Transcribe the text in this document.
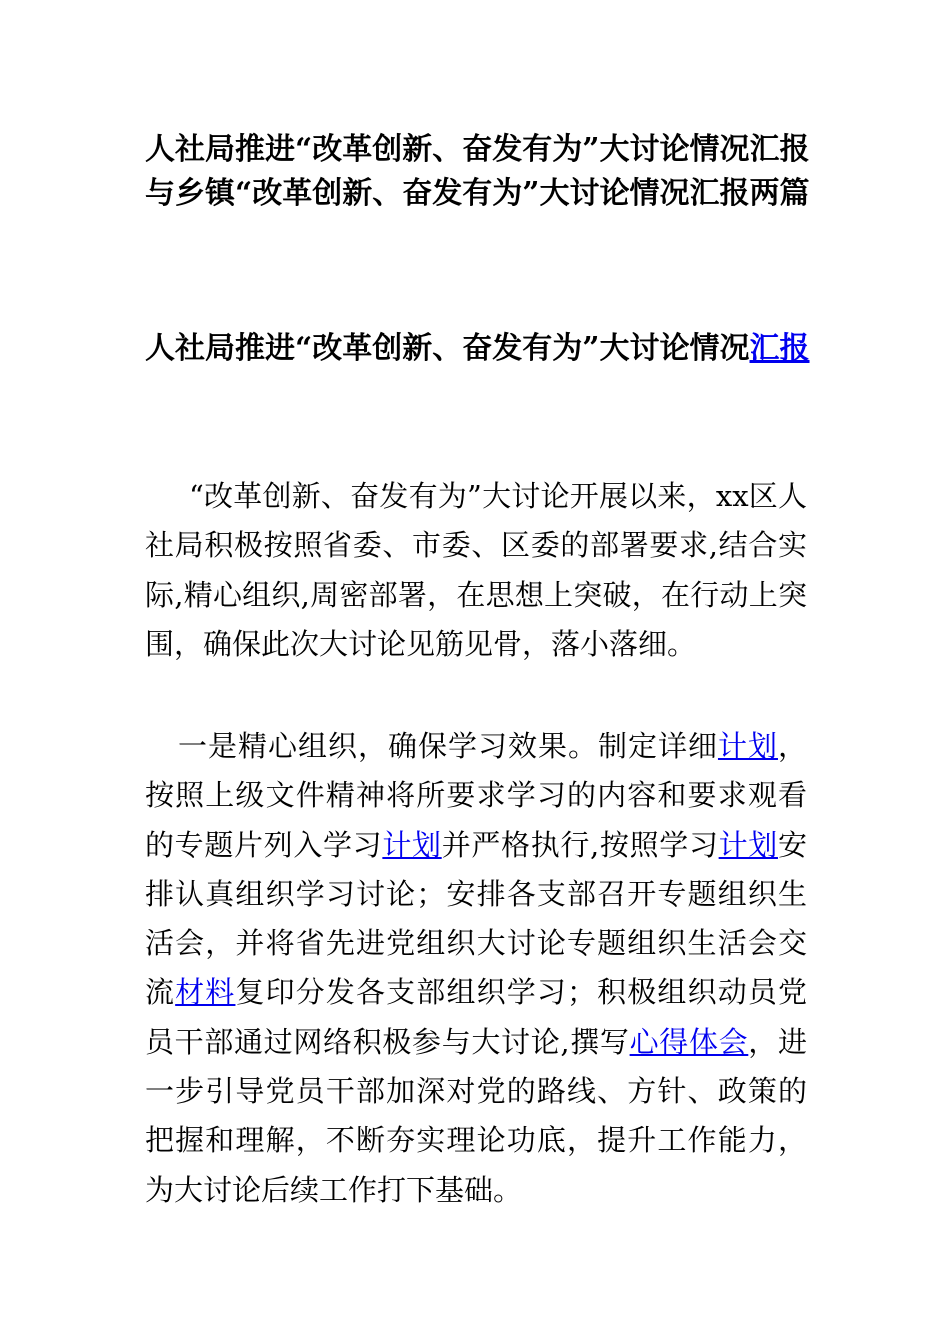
人社局推进“改革创新、奋发有为”大讨论情况汇报

与乡镇“改革创新、奋发有为”大讨论情况汇报两篇

人社局推进“改革创新、奋发有为”大讨论情况汇报

“改革创新、奋发有为”大讨论开展以来，xx区人社局积极按照省委、市委、区委的部署要求,结合实际,精心组织,周密部署，在思想上突破，在行动上突围，确保此次大讨论见筋见骨，落小落细。

一是精心组织，确保学习效果。制定详细计划，按照上级文件精神将所要求学习的内容和要求观看的专题片列入学习计划并严格执行,按照学习计划安排认真组织学习讨论；安排各支部召开专题组织生活会，并将省先进党组织大讨论专题组织生活会交流材料复印分发各支部组织学习；积极组织动员党员干部通过网络积极参与大讨论,撰写心得体会，进一步引导党员干部加深对党的路线、方针、政策的把握和理解，不断夯实理论功底，提升工作能力，为大讨论后续工作打下基础。
